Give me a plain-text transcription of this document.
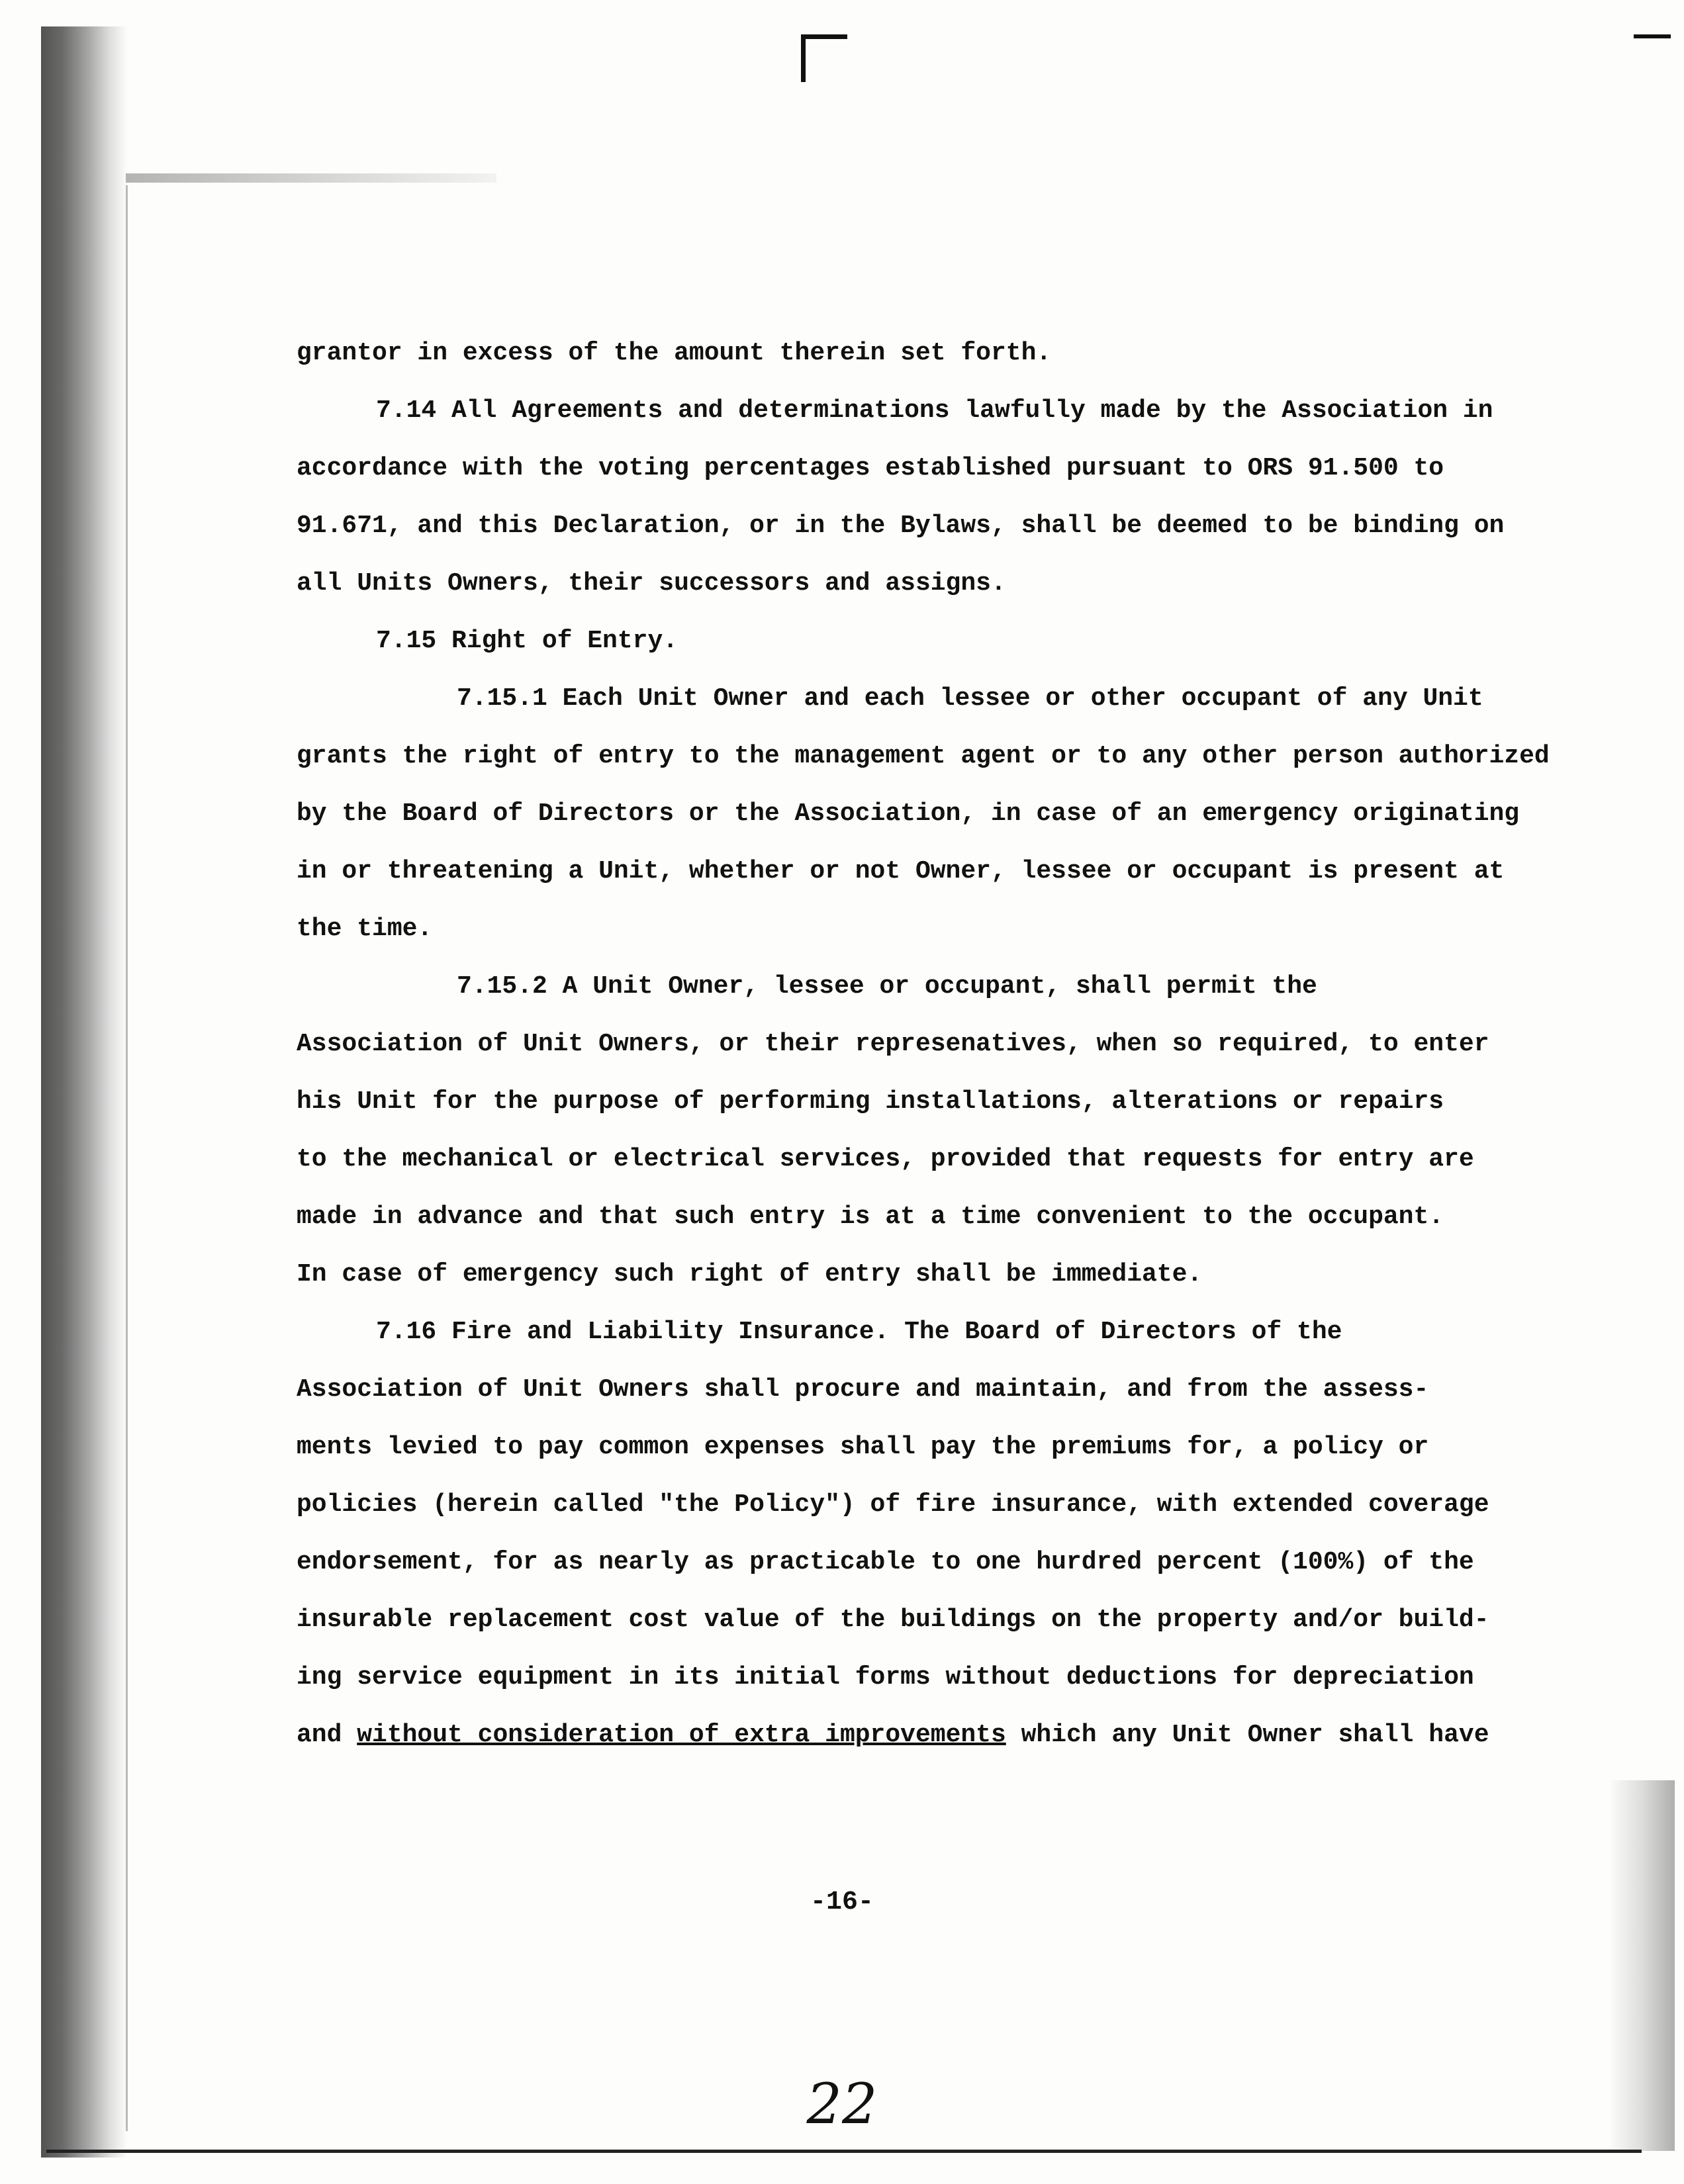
grantor in excess of the amount therein set forth.
7.14 All Agreements and determinations lawfully made by the Association in
accordance with the voting percentages established pursuant to ORS 91.500 to
91.671, and this Declaration, or in the Bylaws, shall be deemed to be binding on
all Units Owners, their successors and assigns.
7.15 Right of Entry.
7.15.1 Each Unit Owner and each lessee or other occupant of any Unit
grants the right of entry to the management agent or to any other person authorized
by the Board of Directors or the Association, in case of an emergency originating
in or threatening a Unit, whether or not Owner, lessee or occupant is present at
the time.
7.15.2 A Unit Owner, lessee or occupant, shall permit the
Association of Unit Owners, or their represenatives, when so required, to enter
his Unit for the purpose of performing installations, alterations or repairs
to the mechanical or electrical services, provided that requests for entry are
made in advance and that such entry is at a time convenient to the occupant.
In case of emergency such right of entry shall be immediate.
7.16 Fire and Liability Insurance. The Board of Directors of the
Association of Unit Owners shall procure and maintain, and from the assess-
ments levied to pay common expenses shall pay the premiums for, a policy or
policies (herein called "the Policy") of fire insurance, with extended coverage
endorsement, for as nearly as practicable to one hurdred percent (100%) of the
insurable replacement cost value of the buildings on the property and/or build-
ing service equipment in its initial forms without deductions for depreciation
and without consideration of extra improvements which any Unit Owner shall have
-16-
22
